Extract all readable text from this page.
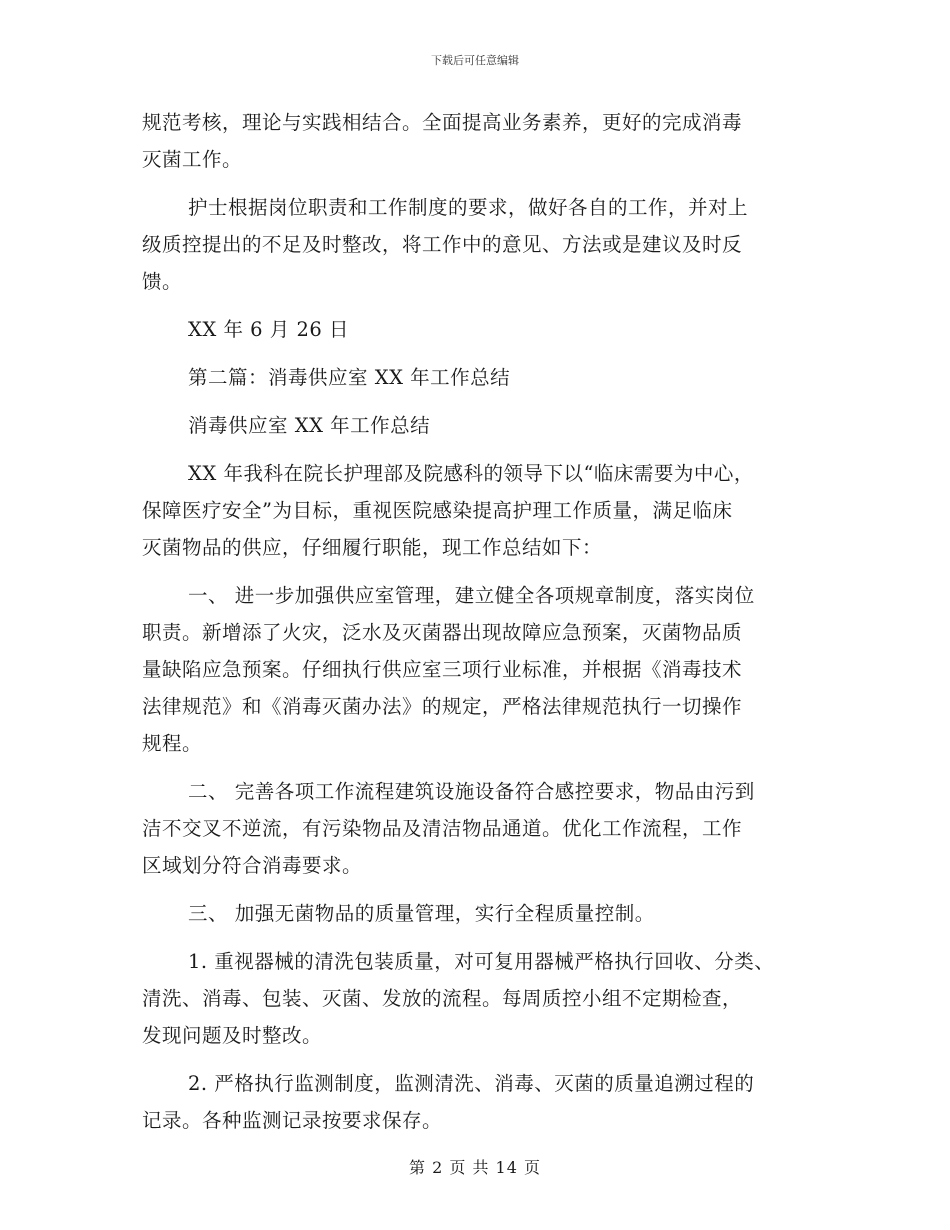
下载后可任意编辑
规范考核，理论与实践相结合。全面提高业务素养，更好的完成消毒
灭菌工作。
护士根据岗位职责和工作制度的要求，做好各自的工作，并对上
级质控提出的不足及时整改，将工作中的意见、方法或是建议及时反
馈。
XX 年 6 月 26 日
第二篇：消毒供应室 XX 年工作总结
消毒供应室 XX 年工作总结
XX 年我科在院长护理部及院感科的领导下以“临床需要为中心，
保障医疗安全”为目标，重视医院感染提高护理工作质量，满足临床
灭菌物品的供应，仔细履行职能，现工作总结如下：
一、 进一步加强供应室管理，建立健全各项规章制度，落实岗位
职责。新增添了火灾，泛水及灭菌器出现故障应急预案，灭菌物品质
量缺陷应急预案。仔细执行供应室三项行业标准，并根据《消毒技术
法律规范》和《消毒灭菌办法》的规定，严格法律规范执行一切操作
规程。
二、 完善各项工作流程建筑设施设备符合感控要求，物品由污到
洁不交叉不逆流，有污染物品及清洁物品通道。优化工作流程，工作
区域划分符合消毒要求。
三、 加强无菌物品的质量管理，实行全程质量控制。
1. 重视器械的清洗包装质量，对可复用器械严格执行回收、分类、
清洗、消毒、包装、灭菌、发放的流程。每周质控小组不定期检查，
发现问题及时整改。
2. 严格执行监测制度，监测清洗、消毒、灭菌的质量追溯过程的
记录。各种监测记录按要求保存。
第 2 页 共 14 页
